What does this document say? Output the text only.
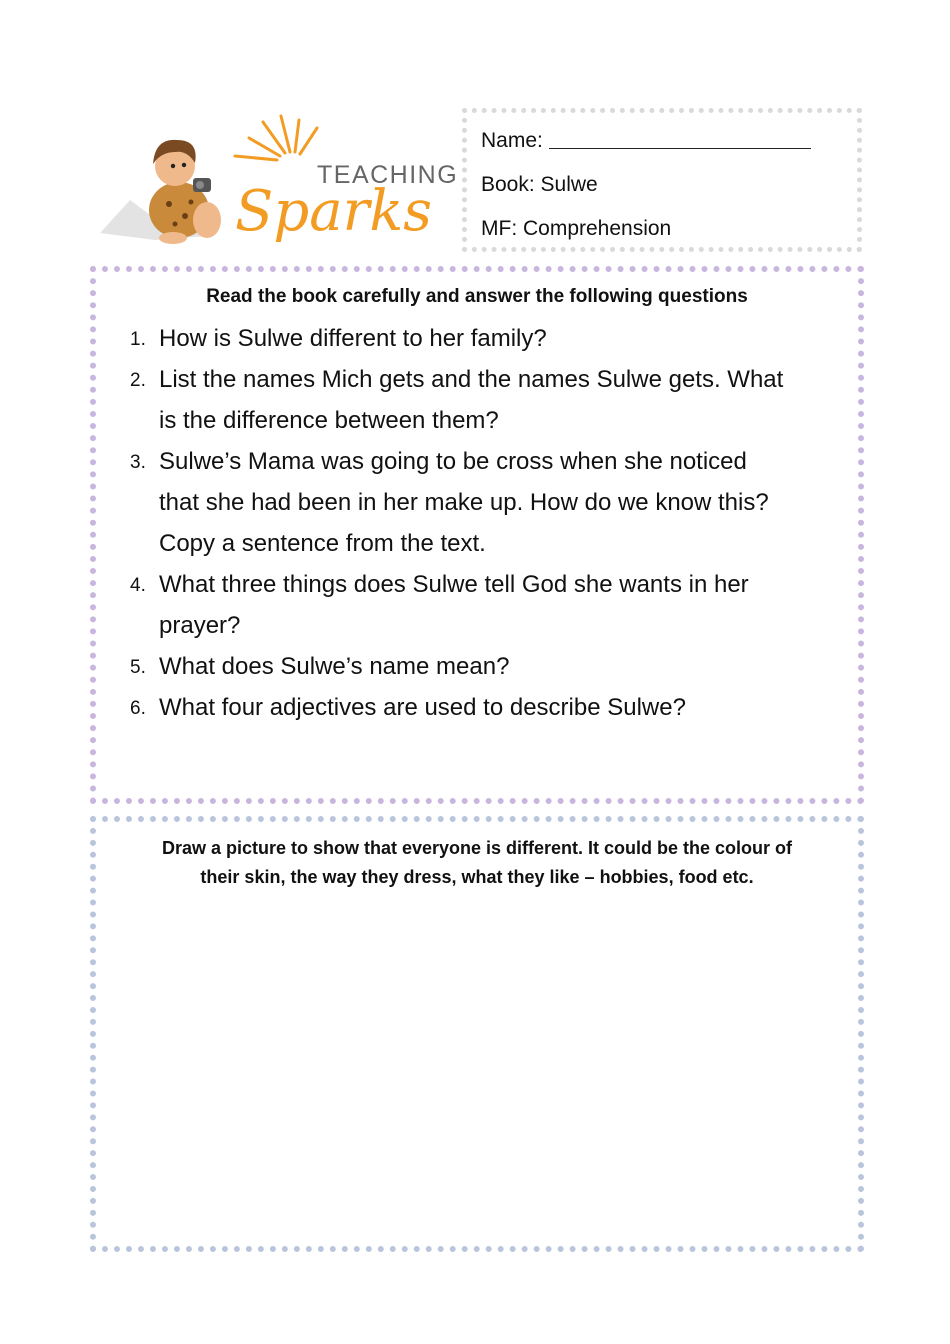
TEACHING
Sparks
Name:
Book: Sulwe
MF: Comprehension
Read the book carefully and answer the following questions
1. How is Sulwe different to her family?
2. List the names Mich gets and the names Sulwe gets. What
is the difference between them?
3. Sulwe’s Mama was going to be cross when she noticed
that she had been in her make up. How do we know this?
Copy a sentence from the text.
4. What three things does Sulwe tell God she wants in her
prayer?
5. What does Sulwe’s name mean?
6. What four adjectives are used to describe Sulwe?
Draw a picture to show that everyone is different. It could be the colour of
their skin, the way they dress, what they like – hobbies, food etc.
